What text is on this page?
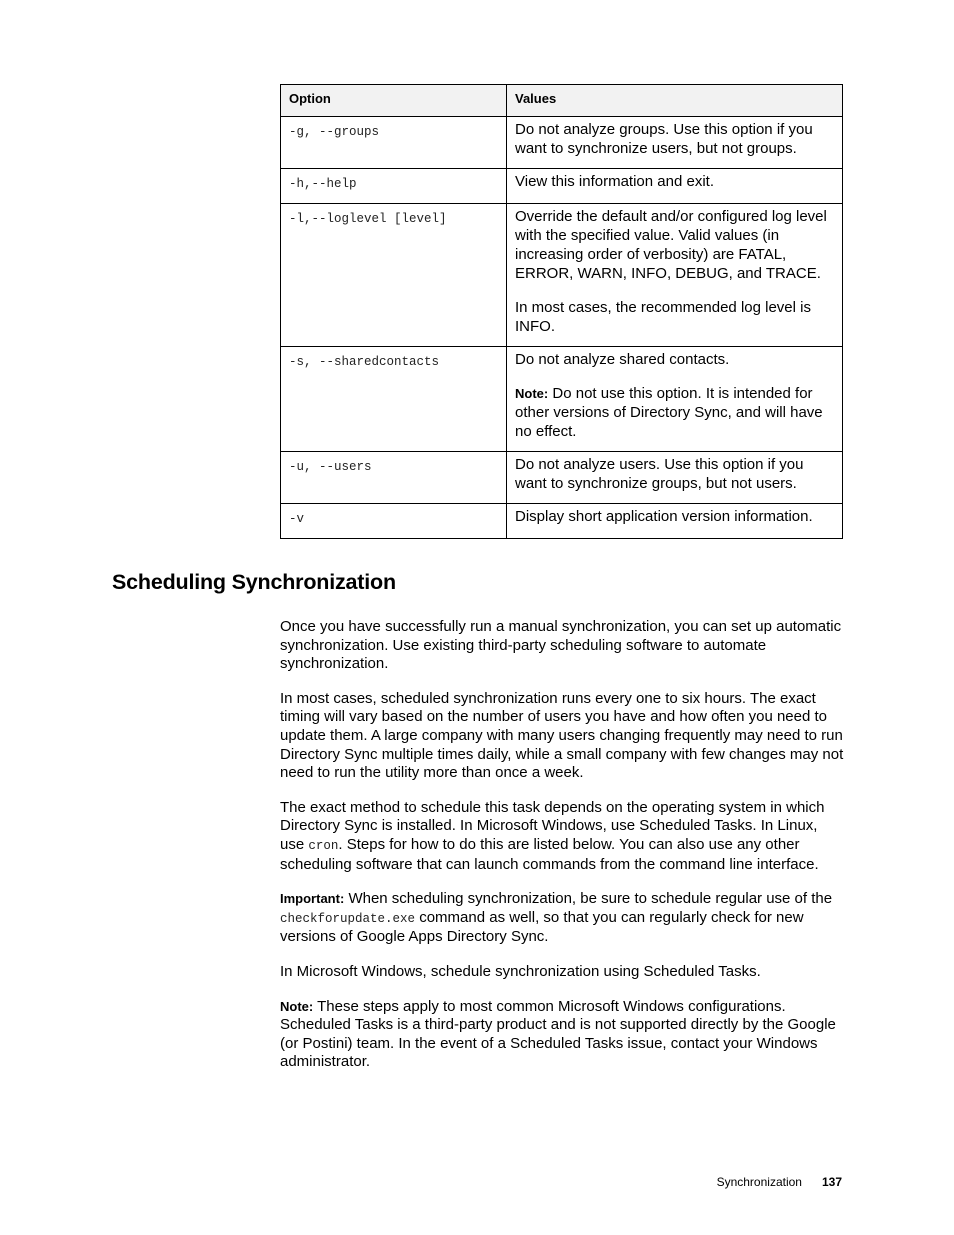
Option	Values
-g, --groups	Do not analyze groups. Use this option if you want to synchronize users, but not groups.

-h,--help	View this information and exit.

-l,--loglevel [level]	Override the default and/or configured log level with the specified value. Valid values (in increasing order of verbosity) are FATAL, ERROR, WARN, INFO, DEBUG, and TRACE.

In most cases, the recommended log level is INFO.

-s, --sharedcontacts	Do not analyze shared contacts.

Note: Do not use this option. It is intended for other versions of Directory Sync, and will have no effect.

-u, --users	Do not analyze users. Use this option if you want to synchronize groups, but not users.

-v	Display short application version information.

Scheduling Synchronization

Once you have successfully run a manual synchronization, you can set up automatic synchronization. Use existing third-party scheduling software to automate synchronization.

In most cases, scheduled synchronization runs every one to six hours. The exact timing will vary based on the number of users you have and how often you need to update them. A large company with many users changing frequently may need to run Directory Sync multiple times daily, while a small company with few changes may not need to run the utility more than once a week.

The exact method to schedule this task depends on the operating system in which Directory Sync is installed. In Microsoft Windows, use Scheduled Tasks. In Linux, use cron. Steps for how to do this are listed below. You can also use any other scheduling software that can launch commands from the command line interface.

Important: When scheduling synchronization, be sure to schedule regular use of the checkforupdate.exe command as well, so that you can regularly check for new versions of Google Apps Directory Sync.

In Microsoft Windows, schedule synchronization using Scheduled Tasks.

Note: These steps apply to most common Microsoft Windows configurations. Scheduled Tasks is a third-party product and is not supported directly by the Google (or Postini) team. In the event of a Scheduled Tasks issue, contact your Windows administrator.

Synchronization 137
